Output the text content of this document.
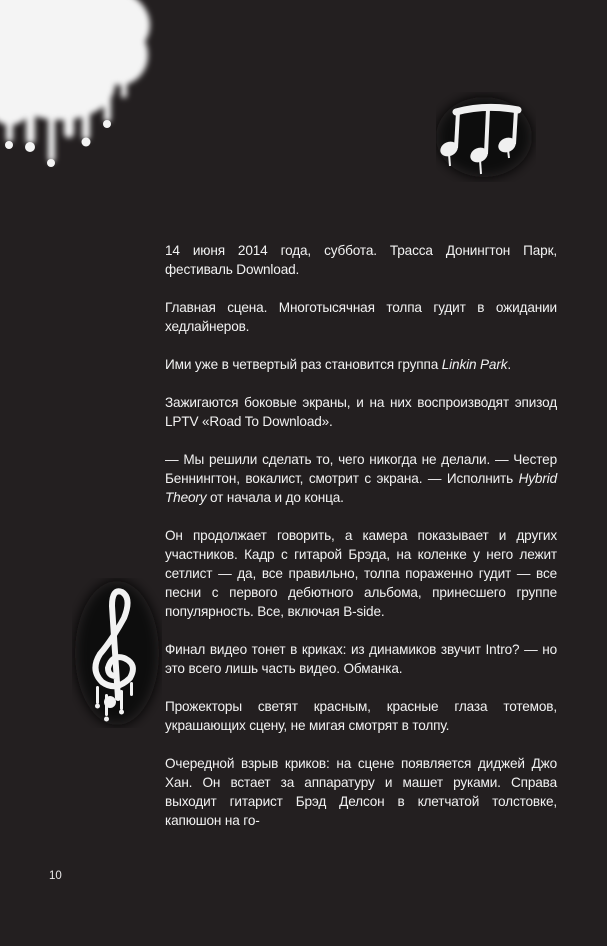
14 июня 2014 года, суббота. Трасса Донингтон Парк, фестиваль Download.

Главная сцена. Многотысячная толпа гудит в ожидании хедлайнеров.

Ими уже в четвертый раз становится группа Linkin Park.

Зажигаются боковые экраны, и на них воспроизводят эпизод LPTV «Road To Download».

— Мы решили сделать то, чего никогда не делали. — Честер Беннингтон, вокалист, смотрит с экрана. — Исполнить Hybrid Theory от начала и до конца.

Он продолжает говорить, а камера показывает и других участников. Кадр с гитарой Брэда, на коленке у него лежит сетлист — да, все правильно, толпа пораженно гудит — все песни с первого дебютного альбома, принесшего группе популярность. Все, включая B-side.

Финал видео тонет в криках: из динамиков звучит Intro? — но это всего лишь часть видео. Обманка.

Прожекторы светят красным, красные глаза тотемов, украшающих сцену, не мигая смотрят в толпу.

Очередной взрыв криков: на сцене появляется диджей Джо Хан. Он встает за аппаратуру и машет руками. Справа выходит гитарист Брэд Делсон в клетчатой толстовке, капюшон на го-

10
